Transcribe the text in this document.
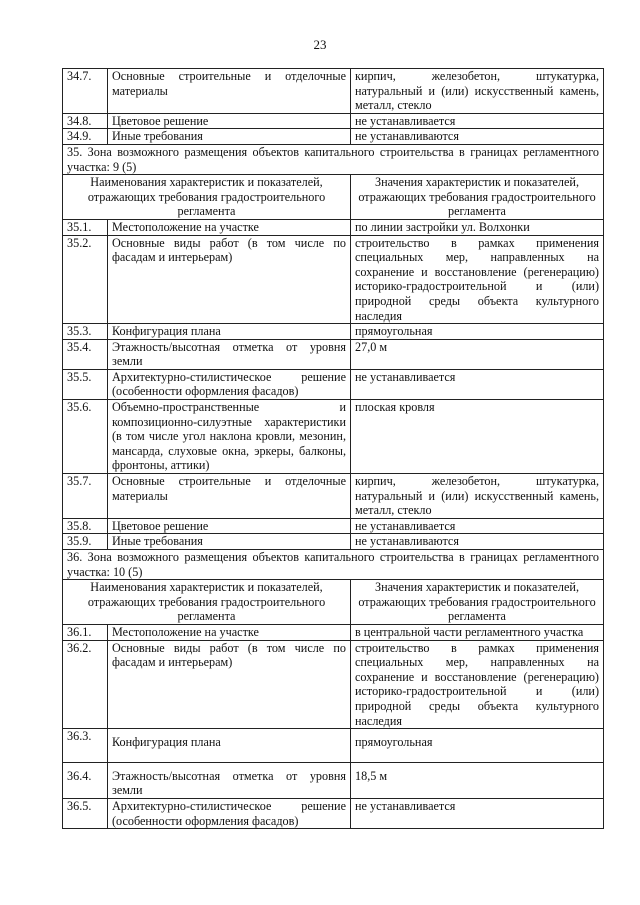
23
34.7.	Основные строительные и отделочные материалы	кирпич, железобетон, штукатурка, натуральный и (или) искусственный камень, металл, стекло
34.8.	Цветовое решение	не устанавливается
34.9.	Иные требования	не устанавливаются
35. Зона возможного размещения объектов капитального строительства в границах регламентного участка: 9 (5)		
Наименования характеристик и показателей, отражающих требования градостроительного регламента		Значения характеристик и показателей, отражающих требования градостроительного регламента
35.1.	Местоположение на участке	по линии застройки ул. Волхонки
35.2.	Основные виды работ (в том числе по фасадам и интерьерам)	строительство в рамках применения специальных мер, направленных на сохранение и восстановление (регенерацию) историко-градостроительной и (или) природной среды объекта культурного наследия
35.3.	Конфигурация плана	прямоугольная
35.4.	Этажность/высотная отметка от уровня земли	27,0 м
35.5.	Архитектурно-стилистическое решение (особенности оформления фасадов)	не устанавливается
35.6.	Объемно-пространственные и композиционно-силуэтные характеристики (в том числе угол наклона кровли, мезонин, мансарда, слуховые окна, эркеры, балконы, фронтоны, аттики)	плоская кровля
35.7.	Основные строительные и отделочные материалы	кирпич, железобетон, штукатурка, натуральный и (или) искусственный камень, металл, стекло
35.8.	Цветовое решение	не устанавливается
35.9.	Иные требования	не устанавливаются
36. Зона возможного размещения объектов капитального строительства в границах регламентного участка: 10 (5)		
Наименования характеристик и показателей, отражающих требования градостроительного регламента		Значения характеристик и показателей, отражающих требования градостроительного регламента
36.1.	Местоположение на участке	в центральной части регламентного участка
36.2.	Основные виды работ (в том числе по фасадам и интерьерам)	строительство в рамках применения специальных мер, направленных на сохранение и восстановление (регенерацию) историко-градостроительной и (или) природной среды объекта культурного наследия
36.3.	Конфигурация плана	прямоугольная
36.4.	Этажность/высотная отметка от уровня земли	18,5 м
36.5.	Архитектурно-стилистическое решение (особенности оформления фасадов)	не устанавливается
